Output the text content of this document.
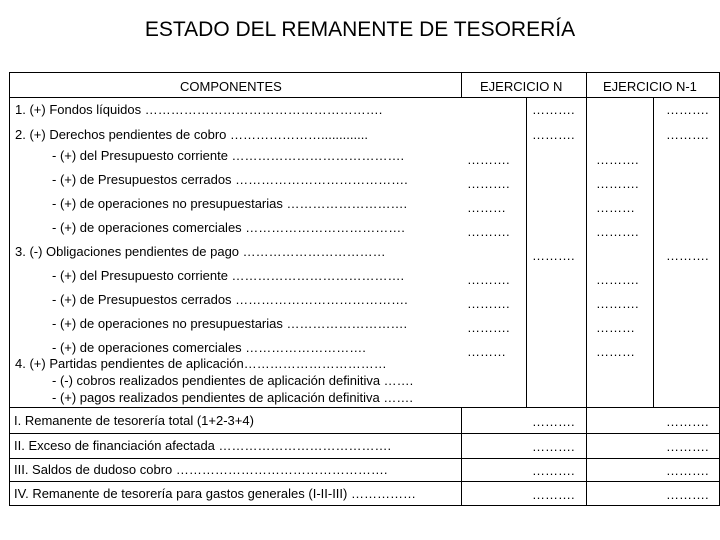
ESTADO DEL REMANENTE DE TESORERÍA
COMPONENTES	EJERCICIO N	EJERCICIO N-1
1. (+) Fondos líquidos ……………………………………………….	……….	……….
2. (+) Derechos pendientes de cobro ………………….............	……….	……….
- (+) del Presupuesto corriente ………………………………….	……….	……….
- (+) de Presupuestos cerrados ………………………………….	……….	……….
- (+) de operaciones no presupuestarias ……………………….	………	………
- (+) de operaciones comerciales ……………………………….	……….	……….
3. (-) Obligaciones pendientes de pago ……………………………	……….	……….
- (+) del Presupuesto corriente ………………………………….	……….	……….
- (+) de Presupuestos cerrados ………………………………….	……….	……….
- (+) de operaciones no presupuestarias ……………………….	……….	………
- (+) de operaciones comerciales ……………………….	………	………
4. (+) Partidas pendientes de aplicación……………………………
- (-) cobros realizados pendientes de aplicación definitiva …….
- (+) pagos realizados pendientes de aplicación definitiva …….
I. Remanente de tesorería total (1+2-3+4)	……….	……….
II. Exceso de financiación afectada ………………………………….	……….	……….
III. Saldos de dudoso cobro ………………………………………….	……….	……….
IV. Remanente de tesorería para gastos generales (I-II-III) ……………	……….	……….
